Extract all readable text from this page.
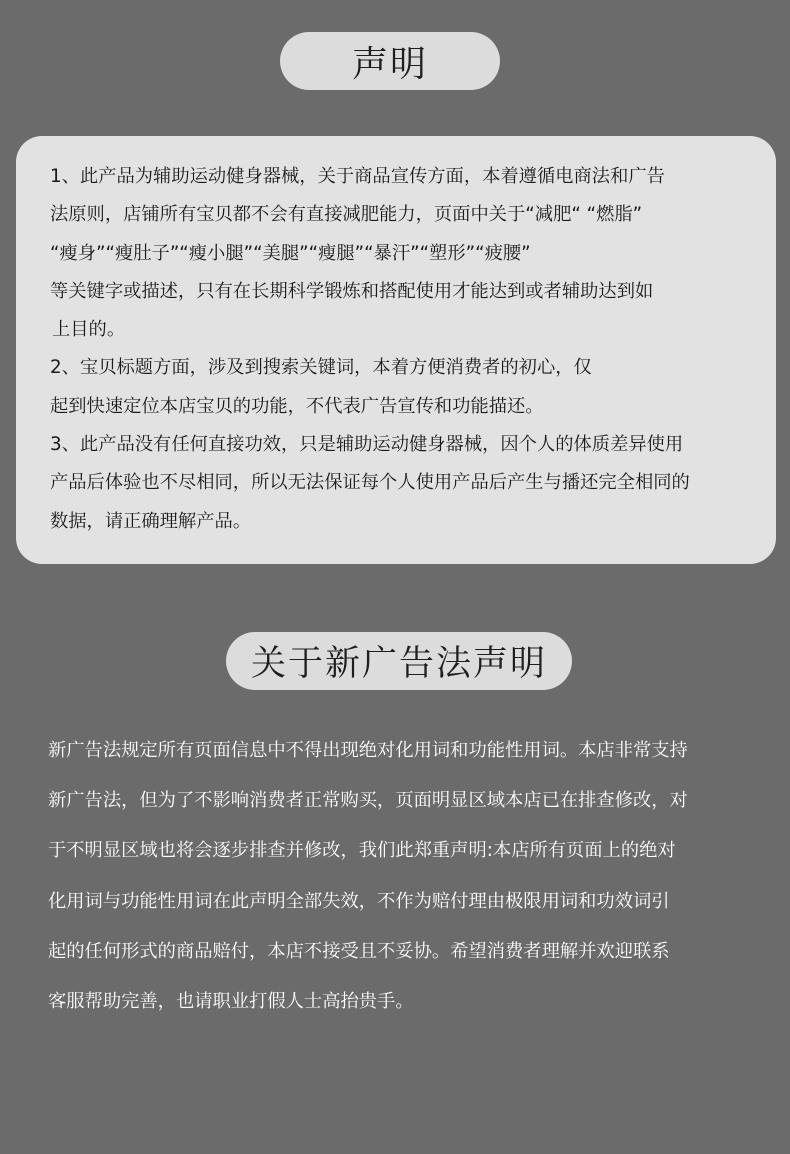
声明

1、此产品为辅助运动健身器械，关于商品宣传方面，本着遵循电商法和广告

法原则，店铺所有宝贝都不会有直接减肥能力，页面中关于“减肥“ “燃脂”

“瘦身”“瘦肚子”“瘦小腿”“美腿”“瘦腿”“暴汗”“塑形”“疲腰”

等关键字或描述，只有在长期科学锻炼和搭配使用才能达到或者辅助达到如

上目的。

2、宝贝标题方面，涉及到搜索关键词，本着方便消费者的初心，仅

起到快速定位本店宝贝的功能，不代表广告宣传和功能描还。

3、此产品没有任何直接功效，只是辅助运动健身器械，因个人的体质差异使用

产品后体验也不尽相同，所以无法保证每个人使用产品后产生与播还完全相同的

数据，请正确理解产品。

关于新广告法声明

新广告法规定所有页面信息中不得出现绝对化用词和功能性用词。本店非常支持

新广告法，但为了不影响消费者正常购买，页面明显区域本店已在排查修改，对

于不明显区域也将会逐步排查并修改，我们此郑重声明:本店所有页面上的绝对

化用词与功能性用词在此声明全部失效，不作为赔付理由极限用词和功效词引

起的任何形式的商品赔付，本店不接受且不妥协。希望消费者理解并欢迎联系

客服帮助完善，也请职业打假人士高抬贵手。
